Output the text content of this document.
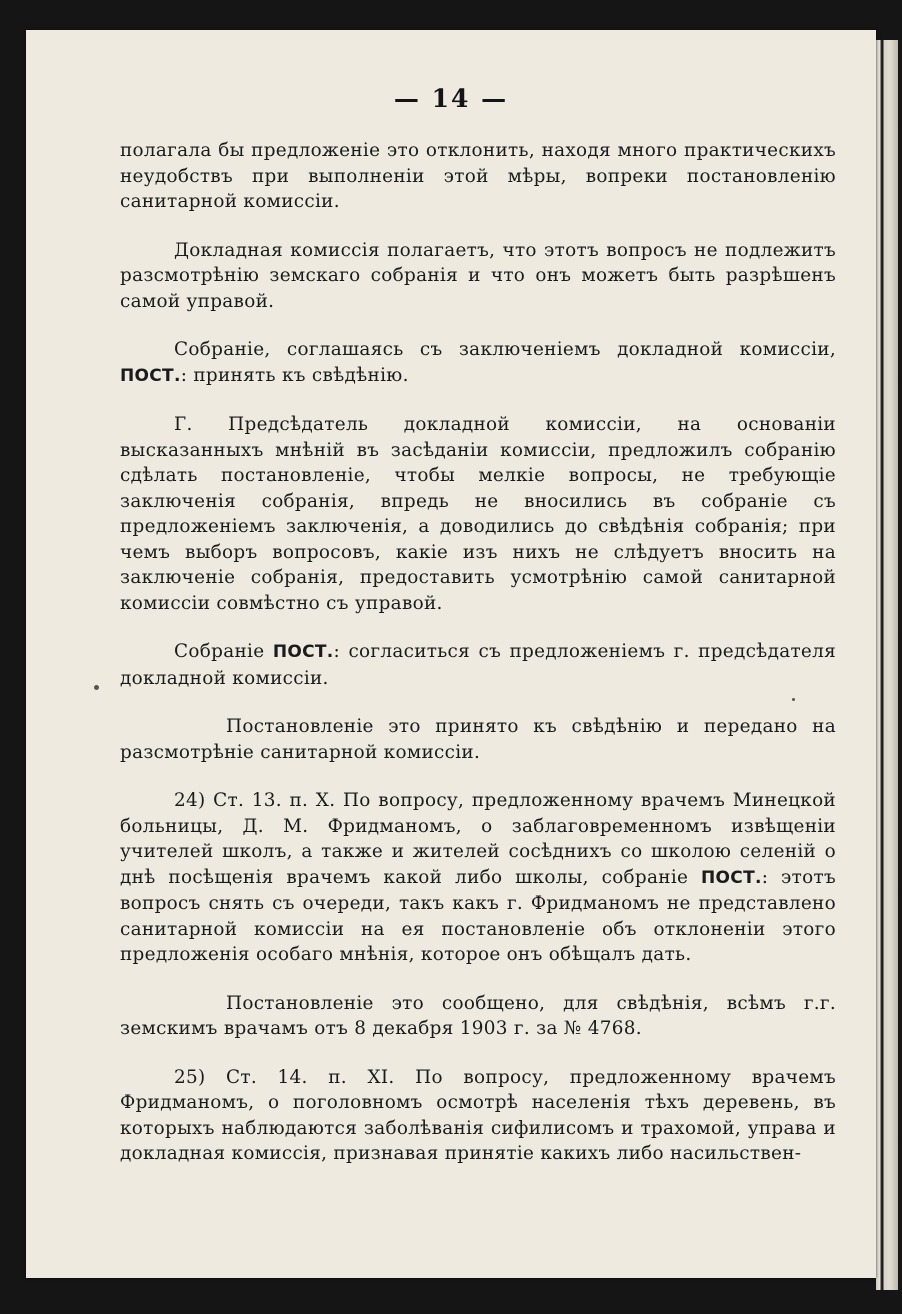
— 14 —

полагала бы предложеніе это отклонить, находя много практическихъ неудобствъ при выполненіи этой мѣры, вопреки постановленію санитарной комиссіи.

Докладная комиссія полагаетъ, что этотъ вопросъ не подлежитъ разсмотрѣнію земскаго собранія и что онъ можетъ быть разрѣшенъ самой управой.

Собраніе, соглашаясь съ заключеніемъ докладной комиссіи, ПОСТ.: принять къ свѣдѣнію.

Г. Предсѣдатель докладной комиссіи, на основаніи высказанныхъ мнѣній въ засѣданіи комиссіи, предложилъ собранію сдѣлать постановленіе, чтобы мелкіе вопросы, не требующіе заключенія собранія, впредь не вносились въ собраніе съ предложеніемъ заключенія, а доводились до свѣдѣнія собранія; при чемъ выборъ вопросовъ, какіе изъ нихъ не слѣдуетъ вносить на заключеніе собранія, предоставить усмотрѣнію самой санитарной комиссіи совмѣстно съ управой.

Собраніе ПОСТ.: согласиться съ предложеніемъ г. предсѣдателя докладной комиссіи.

Постановленіе это принято къ свѣдѣнію и передано на разсмотрѣніе санитарной комиссіи.

24) Ст. 13. п. X. По вопросу, предложенному врачемъ Минецкой больницы, Д. М. Фридманомъ, о заблаговременномъ извѣщеніи учителей школъ, а также и жителей сосѣднихъ со школою селеній о днѣ посѣщенія врачемъ какой либо школы, собраніе ПОСТ.: этотъ вопросъ снять съ очереди, такъ какъ г. Фридманомъ не представлено санитарной комиссіи на ея постановленіе объ отклоненіи этого предложенія особаго мнѣнія, которое онъ обѣщалъ дать.

Постановленіе это сообщено, для свѣдѣнія, всѣмъ г.г. земскимъ врачамъ отъ 8 декабря 1903 г. за № 4768.

25) Ст. 14. п. XI. По вопросу, предложенному врачемъ Фридманомъ, о поголовномъ осмотрѣ населенія тѣхъ деревень, въ которыхъ наблюдаются заболѣванія сифилисомъ и трахомой, управа и докладная комиссія, признавая принятіе какихъ либо насильствен-
